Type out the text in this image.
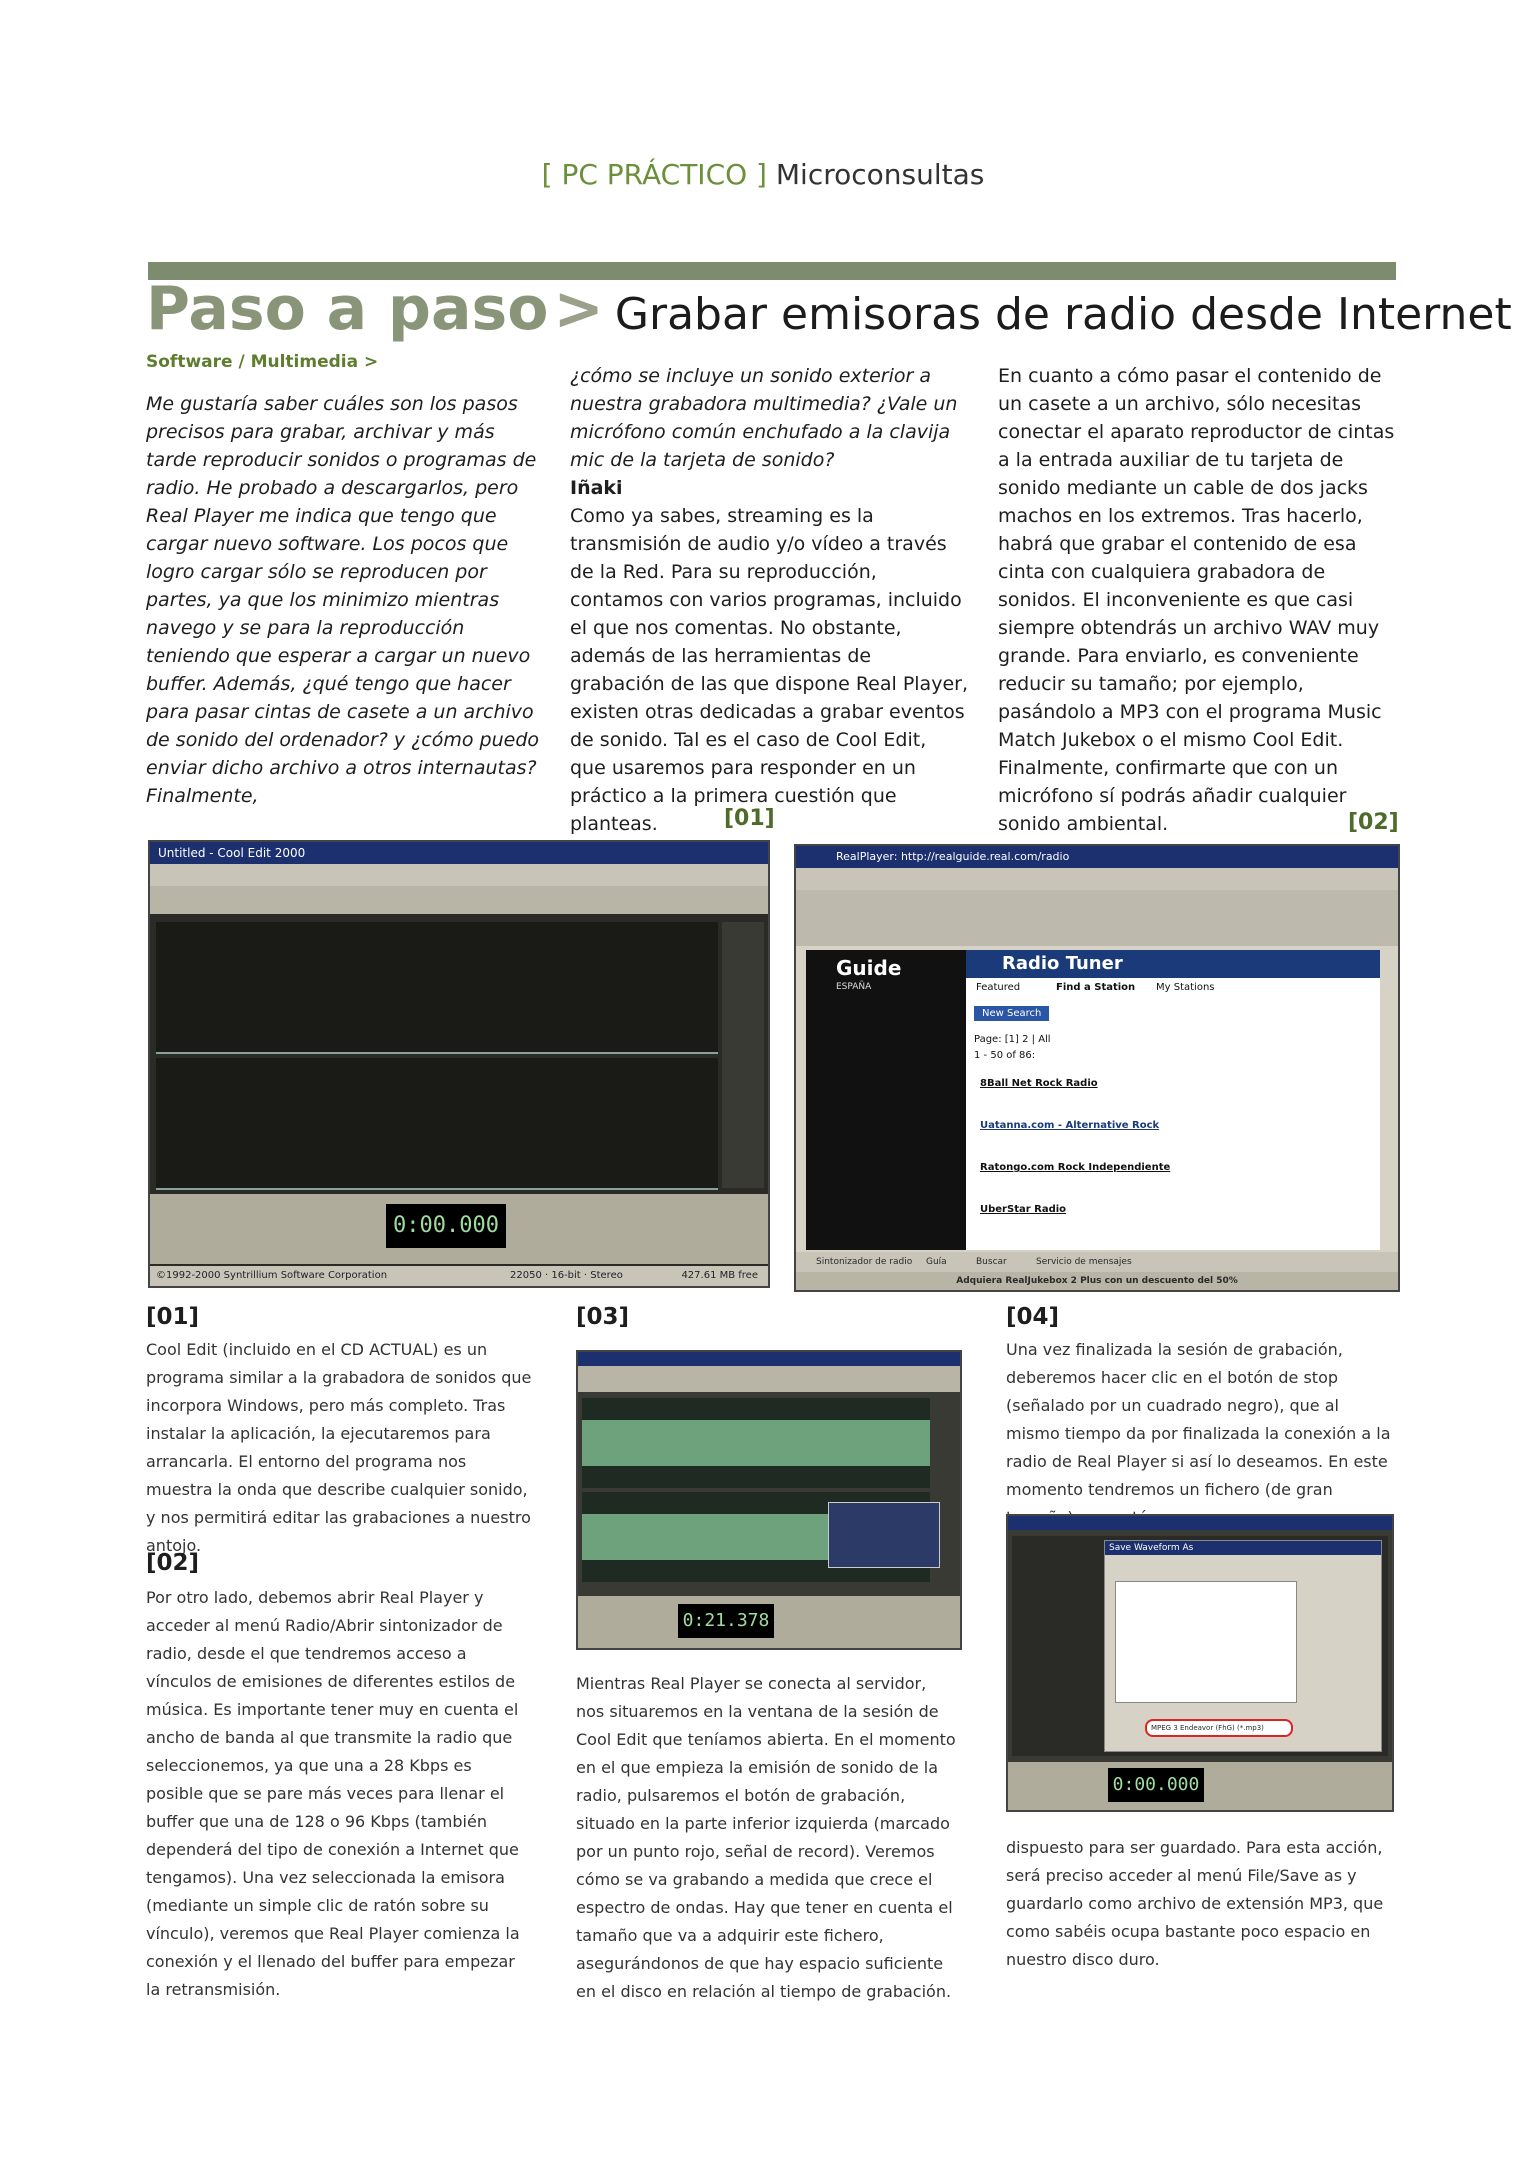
[ PC PRÁCTICO ] Microconsultas
Paso a paso > Grabar emisoras de radio desde Internet
Software / Multimedia >

Me gustaría saber cuáles son los pasos precisos para grabar, archivar y más tarde reproducir sonidos o programas de radio. He probado a descargarlos, pero Real Player me indica que tengo que cargar nuevo software. Los pocos que logro cargar sólo se reproducen por partes, ya que los minimizo mientras navego y se para la reproducción teniendo que esperar a cargar un nuevo buffer. Además, ¿qué tengo que hacer para pasar cintas de casete a un archivo de sonido del ordenador? y ¿cómo puedo enviar dicho archivo a otros internautas? Finalmente,

¿cómo se incluye un sonido exterior a nuestra grabadora multimedia? ¿Vale un micrófono común enchufado a la clavija mic de la tarjeta de sonido?

Iñaki

Como ya sabes, streaming es la transmisión de audio y/o vídeo a través de la Red. Para su reproducción, contamos con varios programas, incluido el que nos comentas. No obstante, además de las herramientas de grabación de las que dispone Real Player, existen otras dedicadas a grabar eventos de sonido. Tal es el caso de Cool Edit, que usaremos para responder en un práctico a la primera cuestión que planteas.

En cuanto a cómo pasar el contenido de un casete a un archivo, sólo necesitas conectar el aparato reproductor de cintas a la entrada auxiliar de tu tarjeta de sonido mediante un cable de dos jacks machos en los extremos. Tras hacerlo, habrá que grabar el contenido de esa cinta con cualquiera grabadora de sonidos. El inconveniente es que casi siempre obtendrás un archivo WAV muy grande. Para enviarlo, es conveniente reducir su tamaño; por ejemplo, pasándolo a MP3 con el programa Music Match Jukebox o el mismo Cool Edit. Finalmente, confirmarte que con un micrófono sí podrás añadir cualquier sonido ambiental.

[01]	[02]
Untitled - Cool Edit 2000
0:00.000
©1992-2000 Syntrillium Software Corporation	22050 · 16-bit · Stereo	427.61 MB free
RealPlayer: http://realguide.real.com/radio
Guide
ESPAÑA
Radio Tuner
Featured	Find a Station My Stations
New Search
Page: [1] 2 | All
1 - 50 of 86:
8Ball Net Rock Radio
Uatanna.com - Alternative Rock
Ratongo.com Rock Independiente
UberStar Radio
Sintonizador de radio Guía	Buscar	Servicio de mensajes
Adquiera RealJukebox 2 Plus con un descuento del 50%
[01]

Cool Edit (incluido en el CD ACTUAL) es un programa similar a la grabadora de sonidos que incorpora Windows, pero más completo. Tras instalar la aplicación, la ejecutaremos para arrancarla. El entorno del programa nos muestra la onda que describe cualquier sonido, y nos permitirá editar las grabaciones a nuestro antojo.

[02]

Por otro lado, debemos abrir Real Player y acceder al menú Radio/Abrir sintonizador de radio, desde el que tendremos acceso a vínculos de emisiones de diferentes estilos de música. Es importante tener muy en cuenta el ancho de banda al que transmite la radio que seleccionemos, ya que una a 28 Kbps es posible que se pare más veces para llenar el buffer que una de 128 o 96 Kbps (también dependerá del tipo de conexión a Internet que tengamos). Una vez seleccionada la emisora (mediante un simple clic de ratón sobre su vínculo), veremos que Real Player comienza la conexión y el llenado del buffer para empezar la retransmisión.

[03]
0:21.378

Mientras Real Player se conecta al servidor, nos situaremos en la ventana de la sesión de Cool Edit que teníamos abierta. En el momento en el que empieza la emisión de sonido de la radio, pulsaremos el botón de grabación, situado en la parte inferior izquierda (marcado por un punto rojo, señal de record). Veremos cómo se va grabando a medida que crece el espectro de ondas. Hay que tener en cuenta el tamaño que va a adquirir este fichero, asegurándonos de que hay espacio suficiente en el disco en relación al tiempo de grabación.

[04]

Una vez finalizada la sesión de grabación, deberemos hacer clic en el botón de stop (señalado por un cuadrado negro), que al mismo tiempo da por finalizada la conexión a la radio de Real Player si así lo deseamos. En este momento tendremos un fichero (de gran

Save Waveform As
MPEG 3 Endeavor (FhG) (*.mp3)
0:00.000

dispuesto para ser guardado. Para esta acción, será preciso acceder al menú File/Save as y guardarlo como archivo de extensión MP3, que como sabéis ocupa bastante poco espacio en nuestro disco duro.
